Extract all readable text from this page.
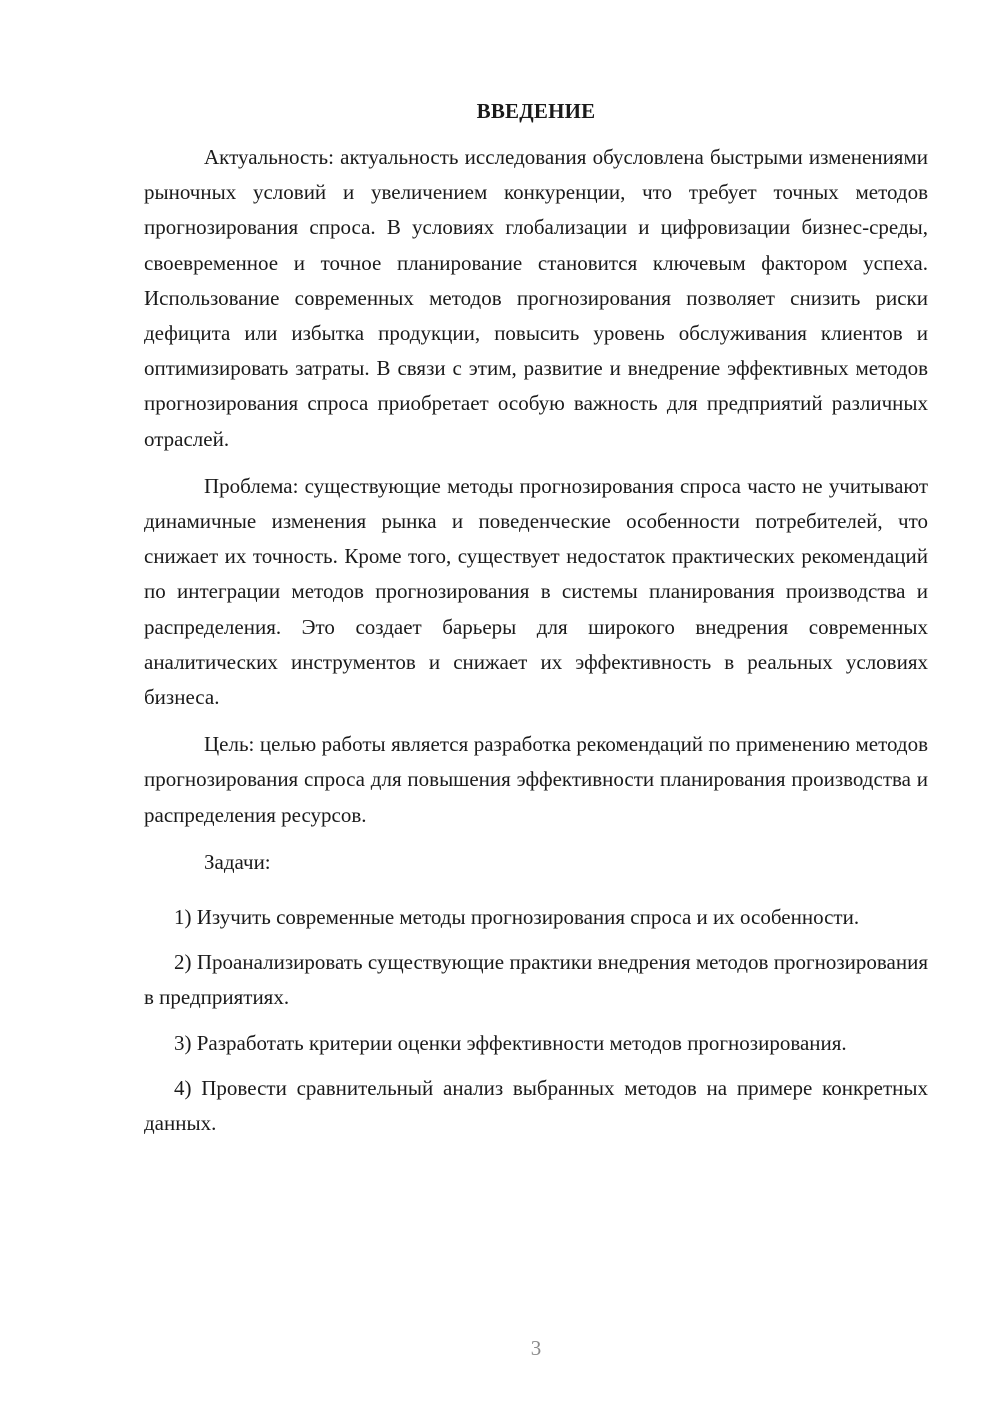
ВВЕДЕНИЕ

Актуальность: актуальность исследования обусловлена быстрыми изменениями рыночных условий и увеличением конкуренции, что требует точных методов прогнозирования спроса. В условиях глобализации и цифровизации бизнес-среды, своевременное и точное планирование становится ключевым фактором успеха. Использование современных методов прогнозирования позволяет снизить риски дефицита или избытка продукции, повысить уровень обслуживания клиентов и оптимизировать затраты. В связи с этим, развитие и внедрение эффективных методов прогнозирования спроса приобретает особую важность для предприятий различных отраслей.

Проблема: существующие методы прогнозирования спроса часто не учитывают динамичные изменения рынка и поведенческие особенности потребителей, что снижает их точность. Кроме того, существует недостаток практических рекомендаций по интеграции методов прогнозирования в системы планирования производства и распределения. Это создает барьеры для широкого внедрения современных аналитических инструментов и снижает их эффективность в реальных условиях бизнеса.

Цель: целью работы является разработка рекомендаций по применению методов прогнозирования спроса для повышения эффективности планирования производства и распределения ресурсов.

Задачи:

1) Изучить современные методы прогнозирования спроса и их особенности.

2) Проанализировать существующие практики внедрения методов прогнозирования в предприятиях.

3) Разработать критерии оценки эффективности методов прогнозирования.

4) Провести сравнительный анализ выбранных методов на примере конкретных данных.

3
